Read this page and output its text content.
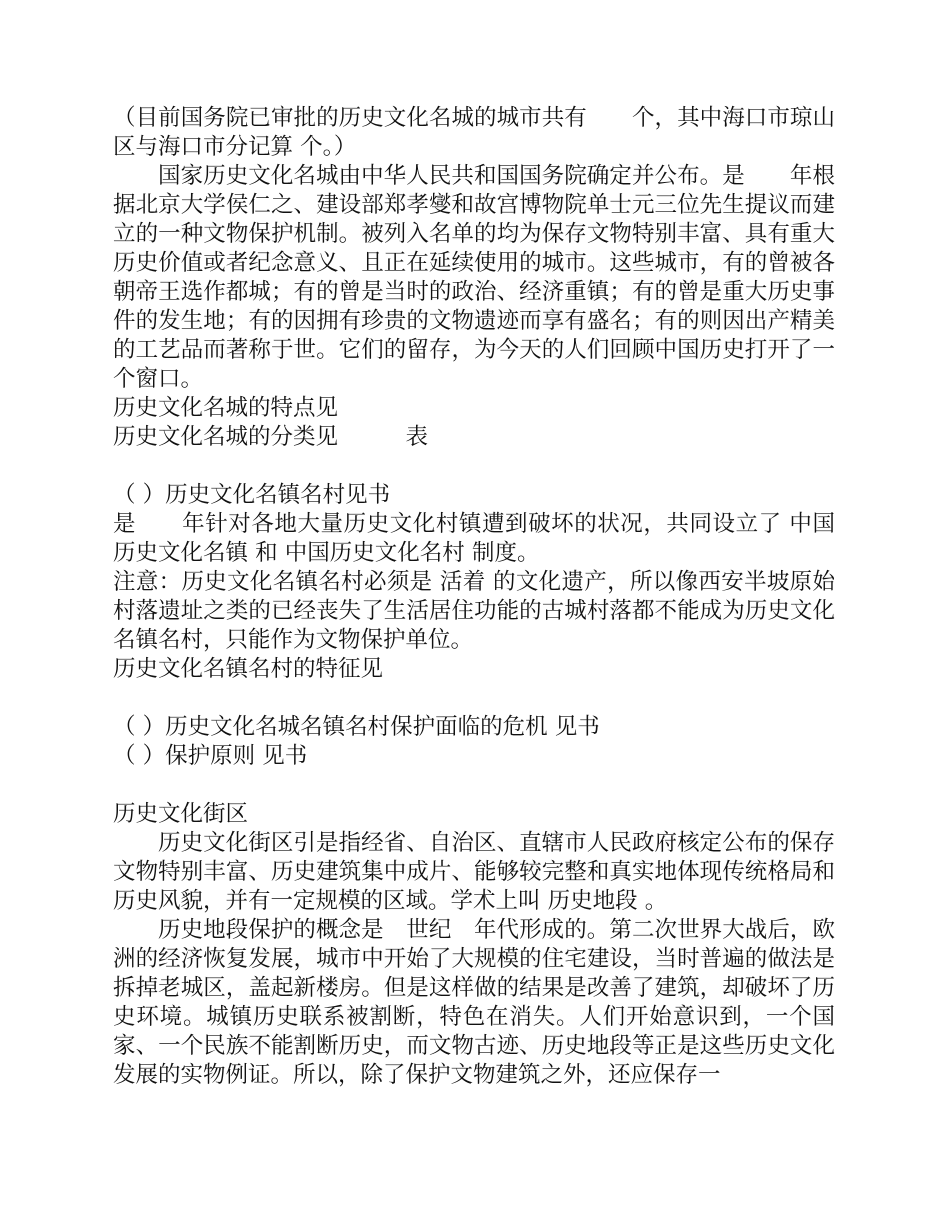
（目前国务院已审批的历史文化名城的城市共有　　个，其中海口市琼山区与海口市分记算 个。）

国家历史文化名城由中华人民共和国国务院确定并公布。是　　年根据北京大学侯仁之、建设部郑孝燮和故宫博物院单士元三位先生提议而建立的一种文物保护机制。被列入名单的均为保存文物特别丰富、具有重大历史价值或者纪念意义、且正在延续使用的城市。这些城市，有的曾被各朝帝王选作都城；有的曾是当时的政治、经济重镇；有的曾是重大历史事件的发生地；有的因拥有珍贵的文物遗迹而享有盛名；有的则因出产精美的工艺品而著称于世。它们的留存，为今天的人们回顾中国历史打开了一个窗口。

历史文化名城的特点见

历史文化名城的分类见　　　表

（ ）历史文化名镇名村见书

是　　年针对各地大量历史文化村镇遭到破坏的状况，共同设立了 中国历史文化名镇 和 中国历史文化名村 制度。

注意：历史文化名镇名村必须是 活着 的文化遗产，所以像西安半坡原始村落遗址之类的已经丧失了生活居住功能的古城村落都不能成为历史文化名镇名村，只能作为文物保护单位。

历史文化名镇名村的特征见

（ ）历史文化名城名镇名村保护面临的危机 见书

（ ）保护原则 见书

历史文化街区

历史文化街区引是指经省、自治区、直辖市人民政府核定公布的保存文物特别丰富、历史建筑集中成片、能够较完整和真实地体现传统格局和历史风貌，并有一定规模的区域。学术上叫 历史地段 。

历史地段保护的概念是　世纪　年代形成的。第二次世界大战后，欧洲的经济恢复发展，城市中开始了大规模的住宅建设，当时普遍的做法是拆掉老城区，盖起新楼房。但是这样做的结果是改善了建筑，却破坏了历史环境。城镇历史联系被割断，特色在消失。人们开始意识到，一个国家、一个民族不能割断历史，而文物古迹、历史地段等正是这些历史文化发展的实物例证。所以，除了保护文物建筑之外，还应保存一
